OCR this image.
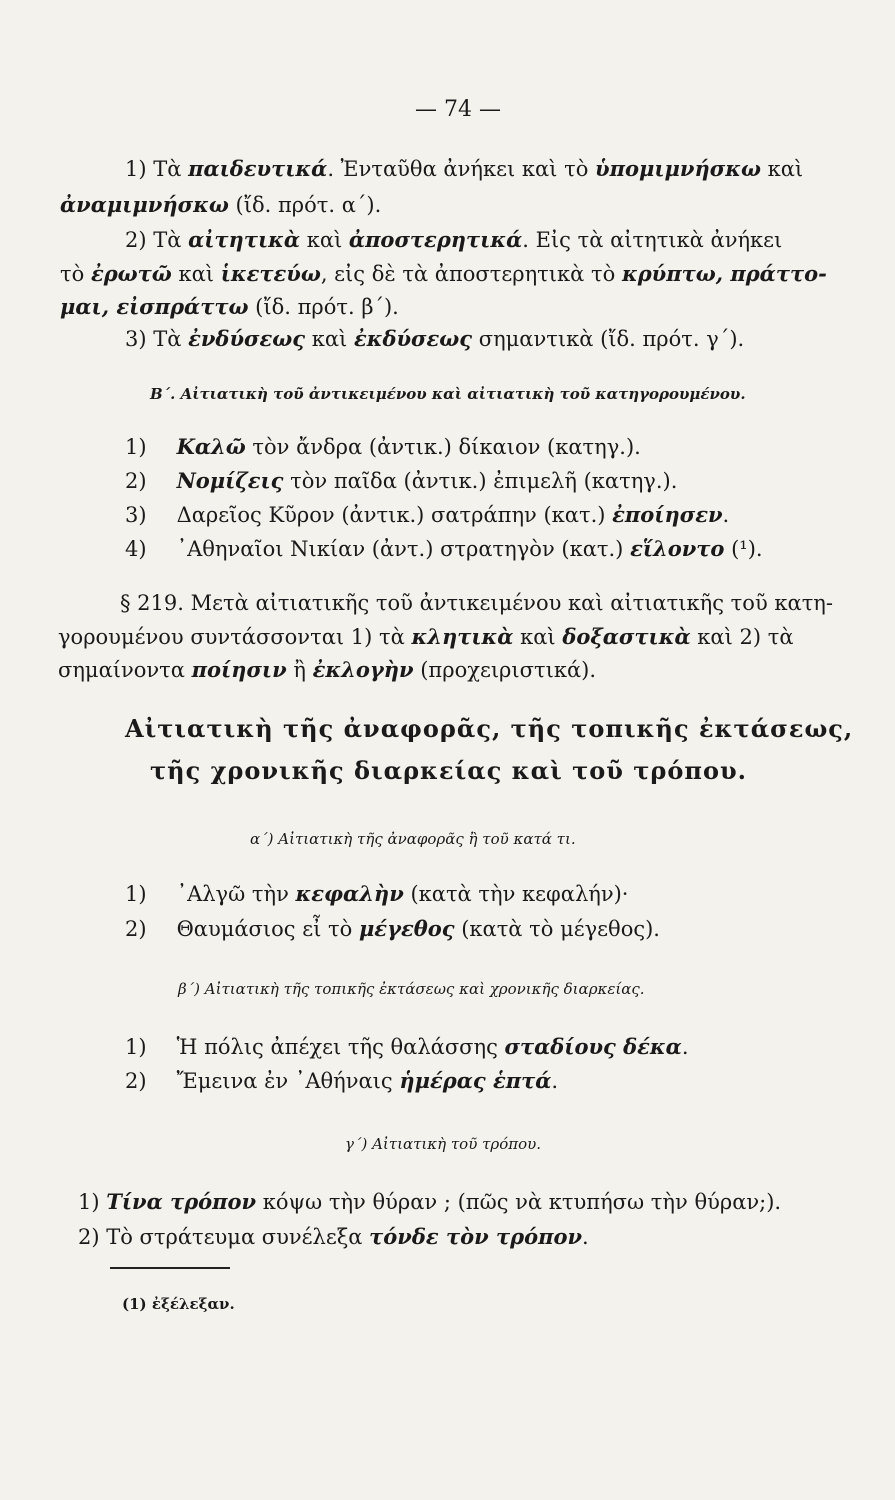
— 74 —
1) Τὰ παιδευτικά. Ἐνταῦθα ἀνήκει καὶ τὸ ὑπομιμνήσκω καὶ
ἀναμιμνήσκω (ἴδ. πρότ. α΄).
2) Τὰ αἰτητικὰ καὶ ἀποστερητικά. Εἰς τὰ αἰτητικὰ ἀνήκει
τὸ ἐρωτῶ καὶ ἱκετεύω, εἰς δὲ τὰ ἀποστερητικὰ τὸ κρύπτω, πράττο-
μαι, εἰσπράττω (ἴδ. πρότ. β΄).
3) Τὰ ἐνδύσεως καὶ ἐκδύσεως σημαντικὰ (ἴδ. πρότ. γ΄).
Β΄. Αἰτιατικὴ τοῦ ἀντικειμένου καὶ αἰτιατικὴ τοῦ κατηγορουμένου.
1) Καλῶ τὸν ἄνδρα (ἀντικ.) δίκαιον (κατηγ.).
2) Νομίζεις τὸν παῖδα (ἀντικ.) ἐπιμελῆ (κατηγ.).
3) Δαρεῖος Κῦρον (ἀντικ.) σατράπην (κατ.) ἐποίησεν.
4) ᾿Αθηναῖοι Νικίαν (ἀντ.) στρατηγὸν (κατ.) εἵλοντο (¹).
§ 219. Μετὰ αἰτιατικῆς τοῦ ἀντικειμένου καὶ αἰτιατικῆς τοῦ κατη-
γορουμένου συντάσσονται 1) τὰ κλητικὰ καὶ δοξαστικὰ καὶ 2) τὰ
σημαίνοντα ποίησιν ἢ ἐκλογὴν (προχειριστικά).
Αἰτιατικὴ τῆς ἀναφορᾶς, τῆς τοπικῆς ἐκτάσεως,
τῆς χρονικῆς διαρκείας καὶ τοῦ τρόπου.
α΄) Αἰτιατικὴ τῆς ἀναφορᾶς ἢ τοῦ κατά τι.
1) ᾿Αλγῶ τὴν κεφαλὴν (κατὰ τὴν κεφαλήν)·
2) Θαυμάσιος εἶ τὸ μέγεθος (κατὰ τὸ μέγεθος).
β΄) Αἰτιατικὴ τῆς τοπικῆς ἐκτάσεως καὶ χρονικῆς διαρκείας.
1) Ἡ πόλις ἀπέχει τῆς θαλάσσης σταδίους δέκα.
2) Ἔμεινα ἐν ᾿Αθήναις ἡμέρας ἑπτά.
γ΄) Αἰτιατικὴ τοῦ τρόπου.
1) Τίνα τρόπον κόψω τὴν θύραν ; (πῶς νὰ κτυπήσω τὴν θύραν;).
2) Τὸ στράτευμα συνέλεξα τόνδε τὸν τρόπον.
(1) ἐξέλεξαν.
